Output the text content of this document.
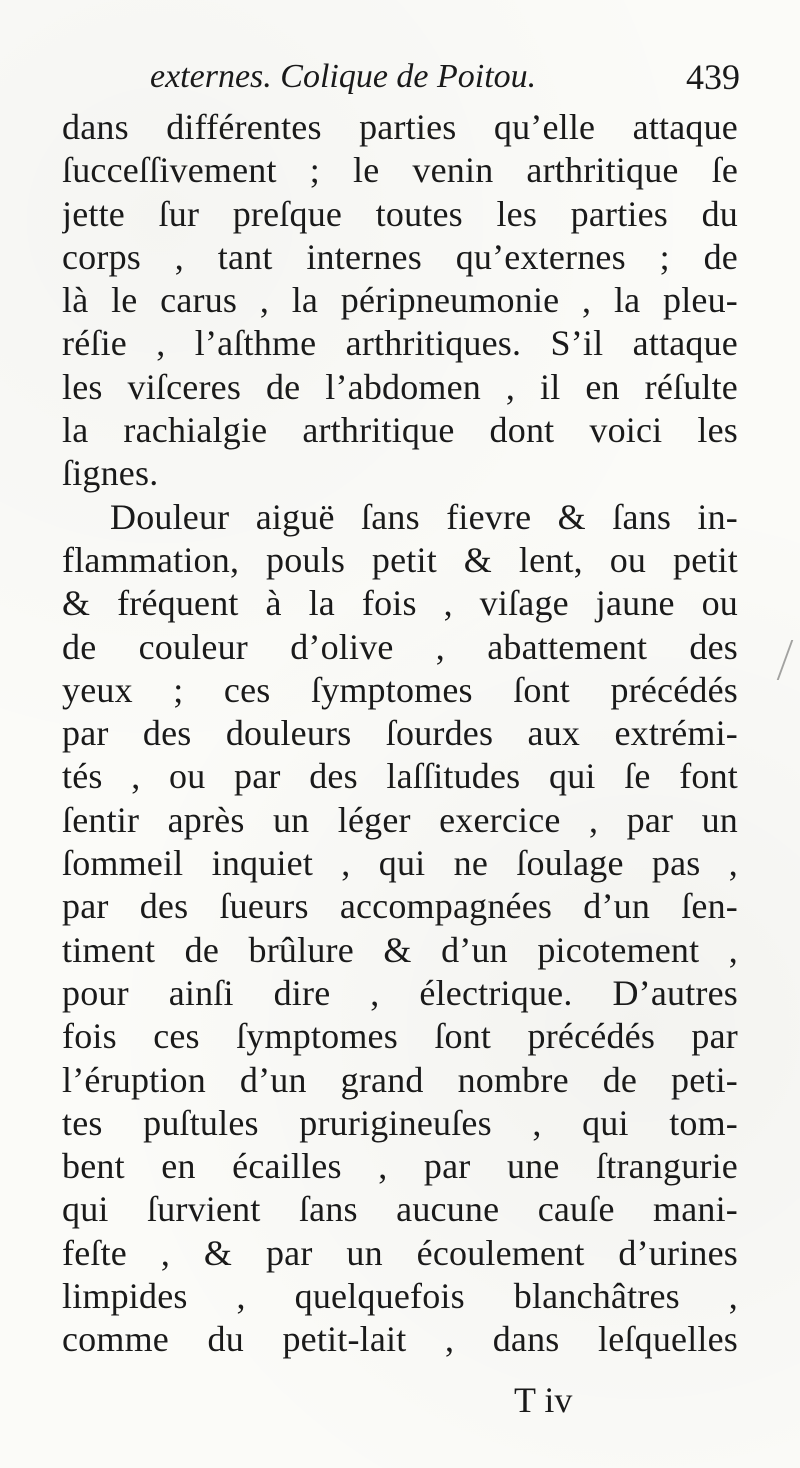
externes. Colique de Poitou.	439
dans différentes parties qu’elle attaque
ſucceſſivement ; le venin arthritique ſe
jette ſur preſque toutes les parties du
corps , tant internes qu’externes ; de
là le carus , la péripneumonie , la pleu-
réſie , l’aſthme arthritiques. S’il attaque
les viſceres de l’abdomen , il en réſulte
la rachialgie arthritique dont voici les
ſignes.
Douleur aiguë ſans fievre & ſans in-
flammation, pouls petit & lent, ou petit
& fréquent à la fois , viſage jaune ou
de couleur d’olive , abattement des
yeux ; ces ſymptomes ſont précédés
par des douleurs ſourdes aux extrémi-
tés , ou par des laſſitudes qui ſe font
ſentir après un léger exercice , par un
ſommeil inquiet , qui ne ſoulage pas ,
par des ſueurs accompagnées d’un ſen-
timent de brûlure & d’un picotement ,
pour ainſi dire , électrique. D’autres
fois ces ſymptomes ſont précédés par
l’éruption d’un grand nombre de peti-
tes puſtules prurigineuſes , qui tom-
bent en écailles , par une ſtrangurie
qui ſurvient ſans aucune cauſe mani-
feſte , & par un écoulement d’urines
limpides , quelquefois blanchâtres ,
comme du petit-lait , dans leſquelles
T iv
